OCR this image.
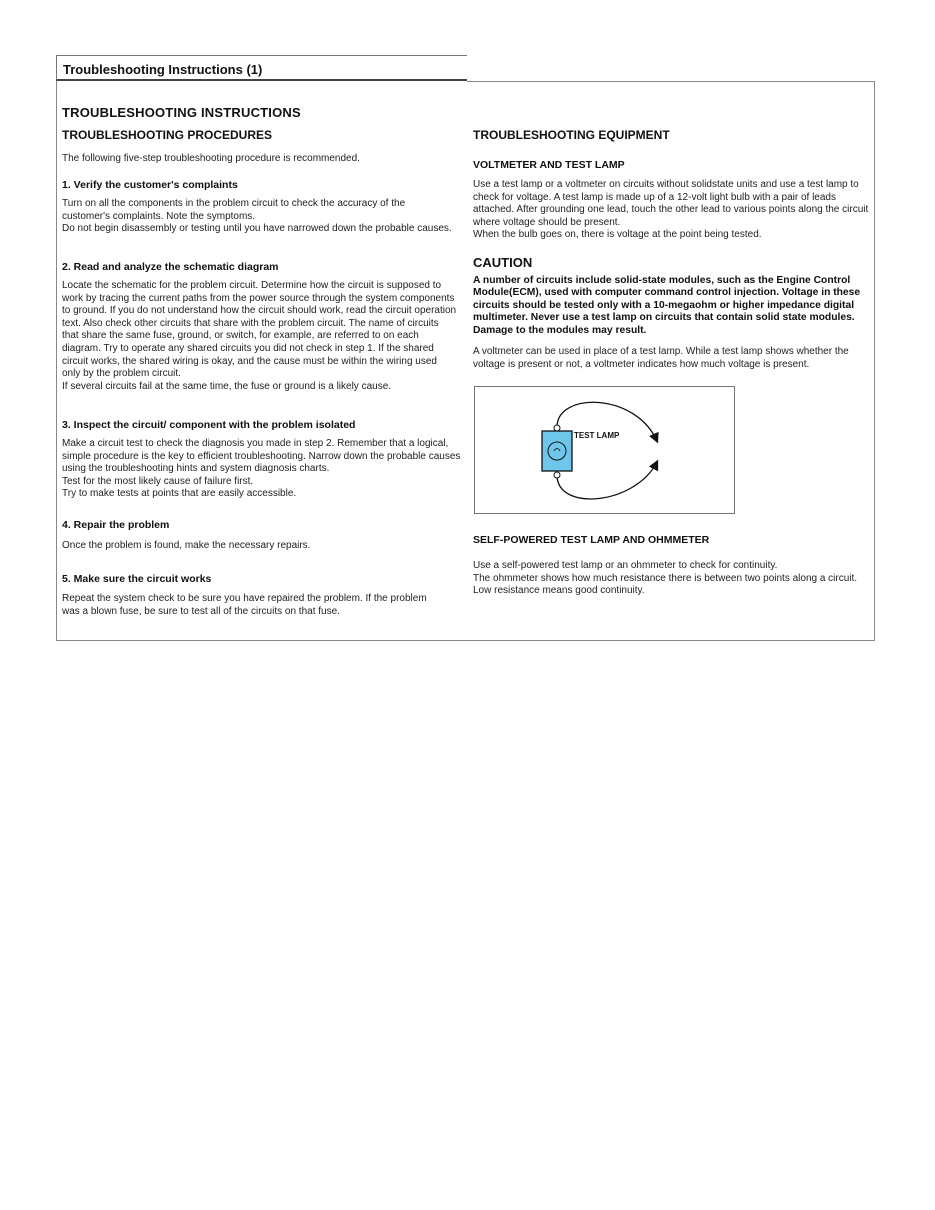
Troubleshooting Instructions (1)
TROUBLESHOOTING INSTRUCTIONS
TROUBLESHOOTING PROCEDURES

The following five-step troubleshooting procedure is recommended.

1. Verify the customer's complaints

Turn on all the components in the problem circuit to check the accuracy of the customer's complaints. Note the symptoms.
Do not begin disassembly or testing until you have narrowed down the probable causes.

2. Read and analyze the schematic diagram

Locate the schematic for the problem circuit. Determine how the circuit is supposed to work by tracing the current paths from the power source through the system components to ground. If you do not understand how the circuit should work, read the circuit operation text. Also check other circuits that share with the problem circuit. The name of circuits that share the same fuse, ground, or switch, for example, are referred to on each diagram. Try to operate any shared circuits you did not check in step 1. If the shared circuit works, the shared wiring is okay, and the cause must be within the wiring used only by the problem circuit.
If several circuits fail at the same time, the fuse or ground is a likely cause.

3. Inspect the circuit/ component with the problem isolated

Make a circuit test to check the diagnosis you made in step 2. Remember that a logical, simple procedure is the key to efficient troubleshooting. Narrow down the probable causes using the troubleshooting hints and system diagnosis charts.
Test for the most likely cause of failure first.
Try to make tests at points that are easily accessible.

4. Repair the problem

Once the problem is found, make the necessary repairs.

5. Make sure the circuit works

Repeat the system check to be sure you have repaired the problem. If the problem was a blown fuse, be sure to test all of the circuits on that fuse.

TROUBLESHOOTING EQUIPMENT
VOLTMETER AND TEST LAMP

Use a test lamp or a voltmeter on circuits without solidstate units and use a test lamp to check for voltage. A test lamp is made up of a 12-volt light bulb with a pair of leads attached. After grounding one lead, touch the other lead to various points along the circuit where voltage should be present.
When the bulb goes on, there is voltage at the point being tested.

CAUTION

A number of circuits include solid-state modules, such as the Engine Control Module(ECM), used with computer command control injection. Voltage in these circuits should be tested only with a 10-megaohm or higher impedance digital multimeter. Never use a test lamp on circuits that contain solid state modules. Damage to the modules may result.

A voltmeter can be used in place of a test lamp. While a test lamp shows whether the voltage is present or not, a voltmeter indicates how much voltage is present.

SELF-POWERED TEST LAMP AND OHMMETER

Use a self-powered test lamp or an ohmmeter to check for continuity.
The ohmmeter shows how much resistance there is between two points along a circuit. Low resistance means good continuity.

TEST LAMP
